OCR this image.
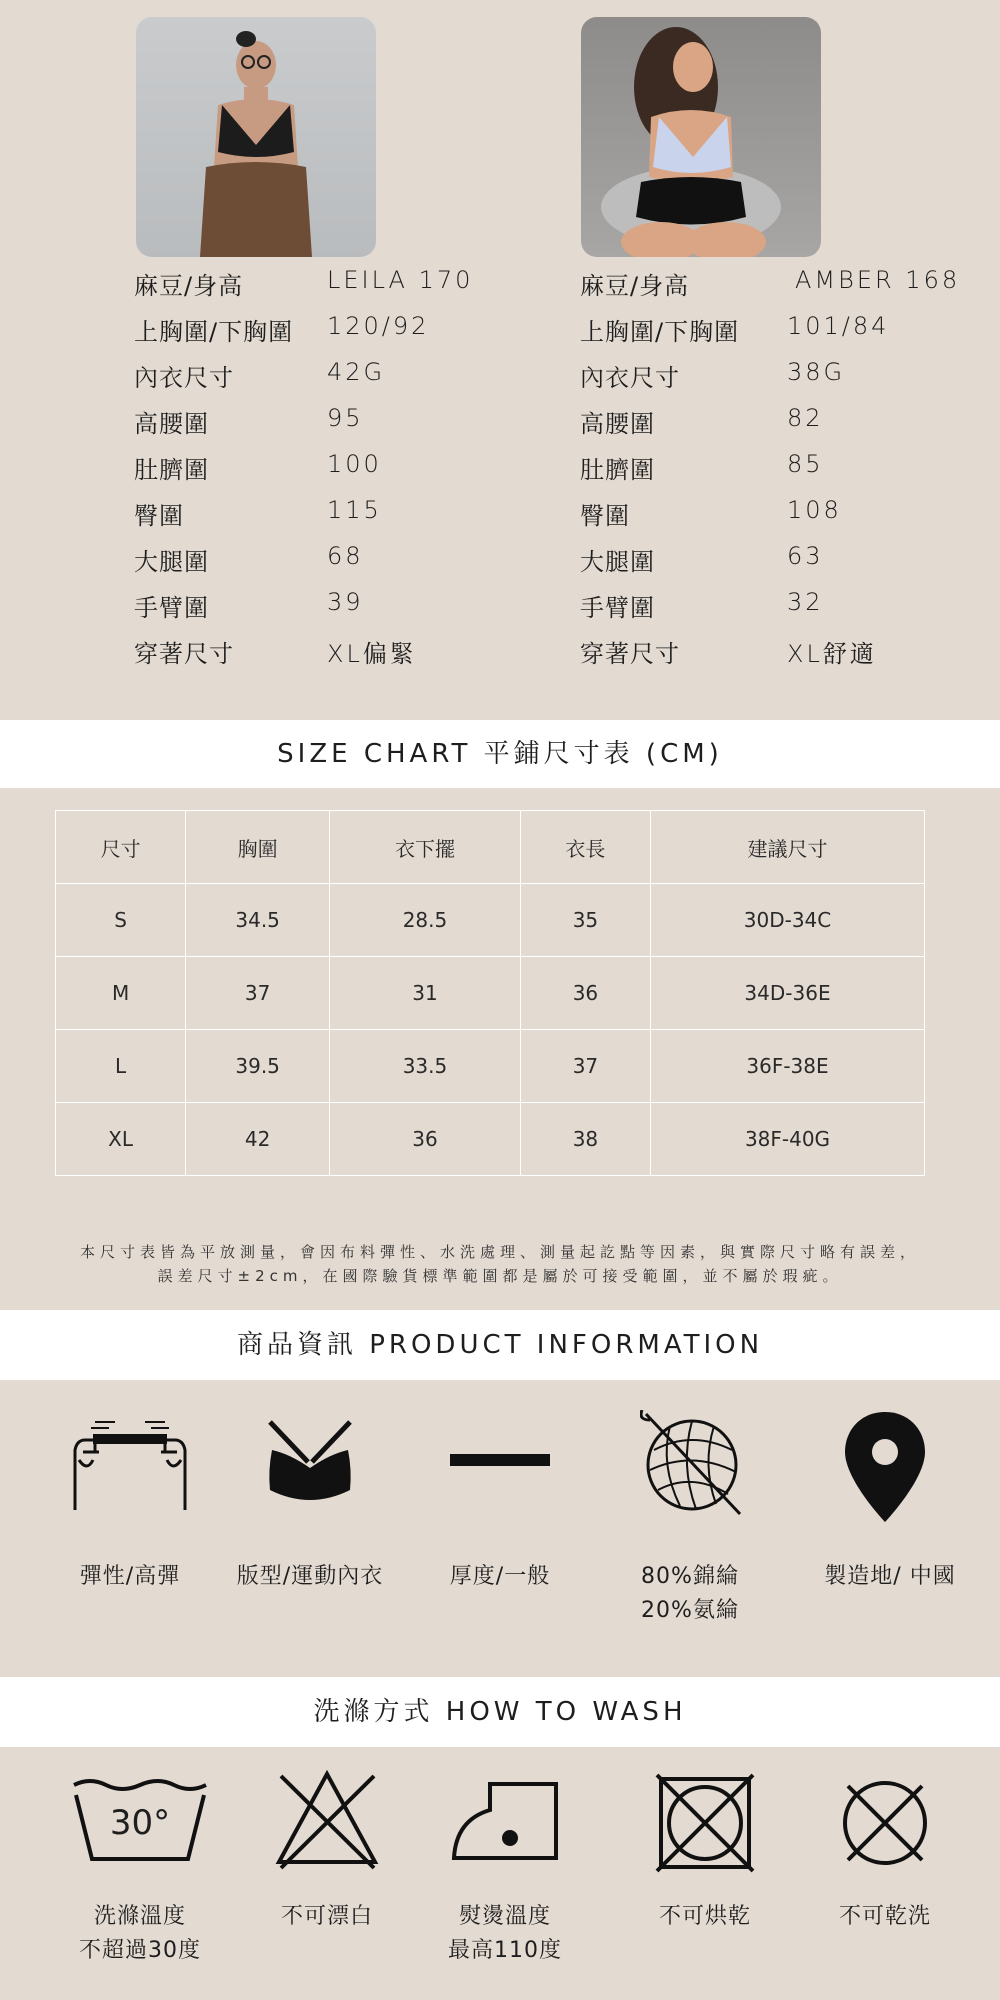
麻豆/身高	LEILA 170
上胸圍/下胸圍 120/92
內衣尺寸	42G
高腰圍	95
肚臍圍	100
臀圍	115
大腿圍	68
手臂圍	39
穿著尺寸	XL偏緊
麻豆/身高	AMBER 168
上胸圍/下胸圍 101/84
內衣尺寸	38G
高腰圍	82
肚臍圍	85
臀圍	108
大腿圍	63
手臂圍	32
穿著尺寸	XL舒適
SIZE CHART 平鋪尺寸表 (CM)
尺寸	胸圍	衣下擺	衣長	建議尺寸
S	34.5	28.5	35	30D-34C
M	37	31	36	34D-36E
L	39.5	33.5	37	36F-38E
XL	42	36	38	38F-40G
本尺寸表皆為平放測量，會因布料彈性、水洗處理、測量起訖點等因素，與實際尺寸略有誤差，
誤差尺寸±2cm，在國際驗貨標準範圍都是屬於可接受範圍，並不屬於瑕疵。
商品資訊 PRODUCT INFORMATION
彈性/高彈	版型/運動內衣	厚度/一般	80%錦綸
20%氨綸
製造地/ 中國
洗滌方式 HOW TO WASH
30°
洗滌溫度
不超過30度
不可漂白	熨燙溫度
最高110度
不可烘乾	不可乾洗
